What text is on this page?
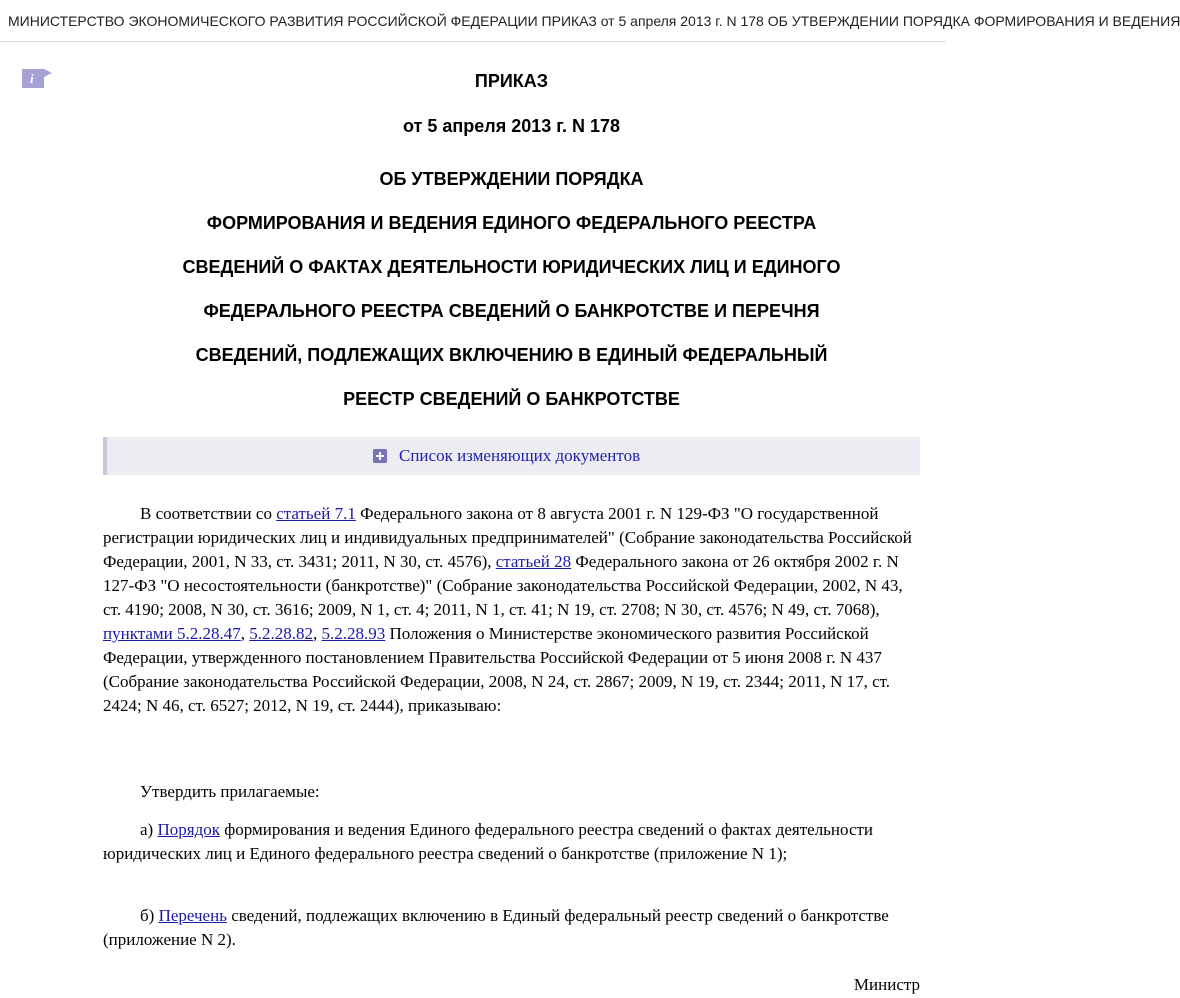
МИНИСТЕРСТВО ЭКОНОМИЧЕСКОГО РАЗВИТИЯ РОССИЙСКОЙ ФЕДЕРАЦИИ ПРИКАЗ от 5 апреля 2013 г. N 178 ОБ УТВЕРЖДЕНИИ ПОРЯДКА ФОРМИРОВАНИЯ И ВЕДЕНИЯ
i	ПРИКАЗ
от 5 апреля 2013 г. N 178
ОБ УТВЕРЖДЕНИИ ПОРЯДКА
ФОРМИРОВАНИЯ И ВЕДЕНИЯ ЕДИНОГО ФЕДЕРАЛЬНОГО РЕЕСТРА
СВЕДЕНИЙ О ФАКТАХ ДЕЯТЕЛЬНОСТИ ЮРИДИЧЕСКИХ ЛИЦ И ЕДИНОГО
ФЕДЕРАЛЬНОГО РЕЕСТРА СВЕДЕНИЙ О БАНКРОТСТВЕ И ПЕРЕЧНЯ
СВЕДЕНИЙ, ПОДЛЕЖАЩИХ ВКЛЮЧЕНИЮ В ЕДИНЫЙ ФЕДЕРАЛЬНЫЙ
РЕЕСТР СВЕДЕНИЙ О БАНКРОТСТВЕ
Список изменяющих документов

В соответствии со статьей 7.1 Федерального закона от 8 августа 2001 г. N 129-ФЗ "О государственной регистрации юридических лиц и индивидуальных предпринимателей" (Собрание законодательства Российской Федерации, 2001, N 33, ст. 3431; 2011, N 30, ст. 4576), статьей 28 Федерального закона от 26 октября 2002 г. N 127-ФЗ "О несостоятельности (банкротстве)" (Собрание законодательства Российской Федерации, 2002, N 43, ст. 4190; 2008, N 30, ст. 3616; 2009, N 1, ст. 4; 2011, N 1, ст. 41; N 19, ст. 2708; N 30, ст. 4576; N 49, ст. 7068), пунктами 5.2.28.47, 5.2.28.82, 5.2.28.93 Положения о Министерстве экономического развития Российской Федерации, утвержденного постановлением Правительства Российской Федерации от 5 июня 2008 г. N 437 (Собрание законодательства Российской Федерации, 2008, N 24, ст. 2867; 2009, N 19, ст. 2344; 2011, N 17, ст. 2424; N 46, ст. 6527; 2012, N 19, ст. 2444), приказываю:

Утвердить прилагаемые:

а) Порядок формирования и ведения Единого федерального реестра сведений о фактах деятельности юридических лиц и Единого федерального реестра сведений о банкротстве (приложение N 1);

б) Перечень сведений, подлежащих включению в Единый федеральный реестр сведений о банкротстве (приложение N 2).

Министр
